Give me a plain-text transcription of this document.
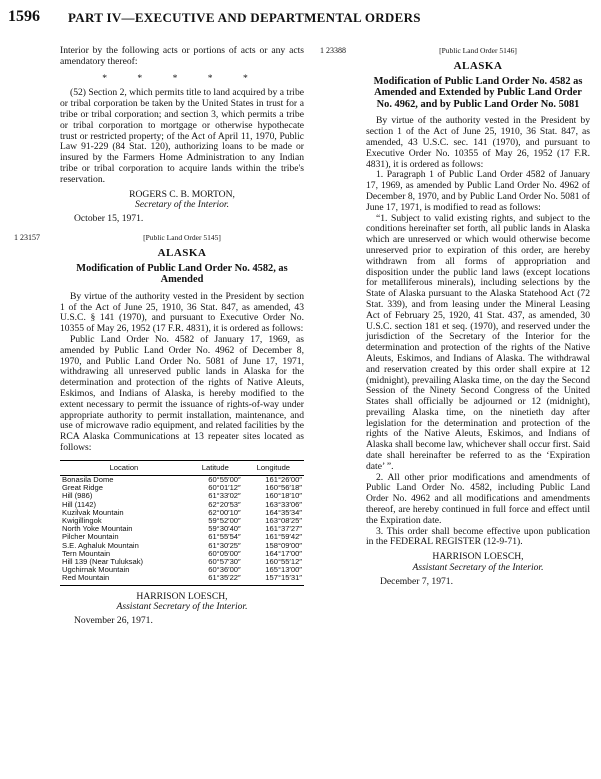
1596 PART IV—EXECUTIVE AND DEPARTMENTAL ORDERS

Interior by the following acts or portions of acts or any acts amendatory thereof:

* * * * *

(52) Section 2, which permits title to land acquired by a tribe or tribal corporation be taken by the United States in trust for a tribe or tribal corporation; and section 3, which permits a tribe or tribal corporation to mortgage or otherwise hypothecate trust or restricted property; of the Act of April 11, 1970, Public Law 91-229 (84 Stat. 120), authorizing loans to be made or insured by the Farmers Home Administration to any Indian tribe or tribal corporation to acquire lands within the tribe's reservation.

ROGERS C. B. MORTON,
Secretary of the Interior.
October 15, 1971.
1 23157	[Public Land Order 5145]
ALASKA
Modification of Public Land Order No. 4582, as Amended

By virtue of the authority vested in the President by section 1 of the Act of June 25, 1910, 36 Stat. 847, as amended, 43 U.S.C. § 141 (1970), and pursuant to Executive Order No. 10355 of May 26, 1952 (17 F.R. 4831), it is ordered as follows:

Public Land Order No. 4582 of January 17, 1969, as amended by Public Land Order No. 4962 of December 8, 1970, and Public Land Order No. 5081 of June 17, 1971, withdrawing all unreserved public lands in Alaska for the determination and protection of the rights of Native Aleuts, Eskimos, and Indians of Alaska, is hereby modified to the extent necessary to permit the issuance of rights-of-way under appropriate authority to permit installation, maintenance, and use of microwave radio equipment, and related facilities by the RCA Alaska Communications at 13 repeater sites located as follows:

Location	Latitude	Longitude
Bonasila Dome	60°55′00″	161°26′00″
Great Ridge	60°01′12″	160°56′18″
Hill (986)	61°33′02″	160°18′10″
Hill (1142)	62°20′53″	163°33′06″
Kuzilvak Mountain	62°00′10″	164°35′34″
Kwigillingok	59°52′00″	163°08′25″
North Yoke Mountain	59°30′40″	161°37′27″
Pilcher Mountain	61°55′54″	161°59′42″
S.E. Aghaluk Mountain	61°30′25″	158°09′00″
Tern Mountain	60°05′00″	164°17′00″
Hill 139 (Near Tuluksak)	60°57′30″	160°55′12″
Ugchirnak Mountain	60°36′00″	165°13′00″
Red Mountain	61°35′22″	157°15′31″
HARRISON LOESCH,
Assistant Secretary of the Interior.
November 26, 1971.
1 23388	[Public Land Order 5146]
ALASKA
Modification of Public Land Order No. 4582 as Amended and Extended by Public Land Order No. 4962, and by Public Land Order No. 5081

By virtue of the authority vested in the President by section 1 of the Act of June 25, 1910, 36 Stat. 847, as amended, 43 U.S.C. sec. 141 (1970), and pursuant to Executive Order No. 10355 of May 26, 1952 (17 F.R. 4831), it is ordered as follows:

1. Paragraph 1 of Public Land Order 4582 of January 17, 1969, as amended by Public Land Order No. 4962 of December 8, 1970, and by Public Land Order No. 5081 of June 17, 1971, is modified to read as follows:

“1. Subject to valid existing rights, and subject to the conditions hereinafter set forth, all public lands in Alaska which are unreserved or which would otherwise become unreserved prior to expiration of this order, are hereby withdrawn from all forms of appropriation and disposition under the public land laws (except locations for metalliferous minerals), including selections by the State of Alaska pursuant to the Alaska Statehood Act (72 Stat. 339), and from leasing under the Mineral Leasing Act of February 25, 1920, 41 Stat. 437, as amended, 30 U.S.C. section 181 et seq. (1970), and reserved under the jurisdiction of the Secretary of the Interior for the determination and protection of the rights of the Native Aleuts, Eskimos, and Indians of Alaska. The withdrawal and reservation created by this order shall expire at 12 (midnight), prevailing Alaska time, on the day the Second Session of the Ninety Second Congress of the United States shall officially be adjourned or 12 (midnight), prevailing Alaska time, on the ninetieth day after legislation for the determination and protection of the rights of the Native Aleuts, Eskimos, and Indians of Alaska shall become law, whichever shall occur first. Said date shall hereinafter be referred to as the ‘Expiration date’ ”.

2. All other prior modifications and amendments of Public Land Order No. 4582, including Public Land Order No. 4962 and all modifications and amendments thereof, are hereby continued in full force and effect until the Expiration date.

3. This order shall become effective upon publication in the FEDERAL REGISTER (12-9-71).

HARRISON LOESCH,
Assistant Secretary of the Interior.
December 7, 1971.
